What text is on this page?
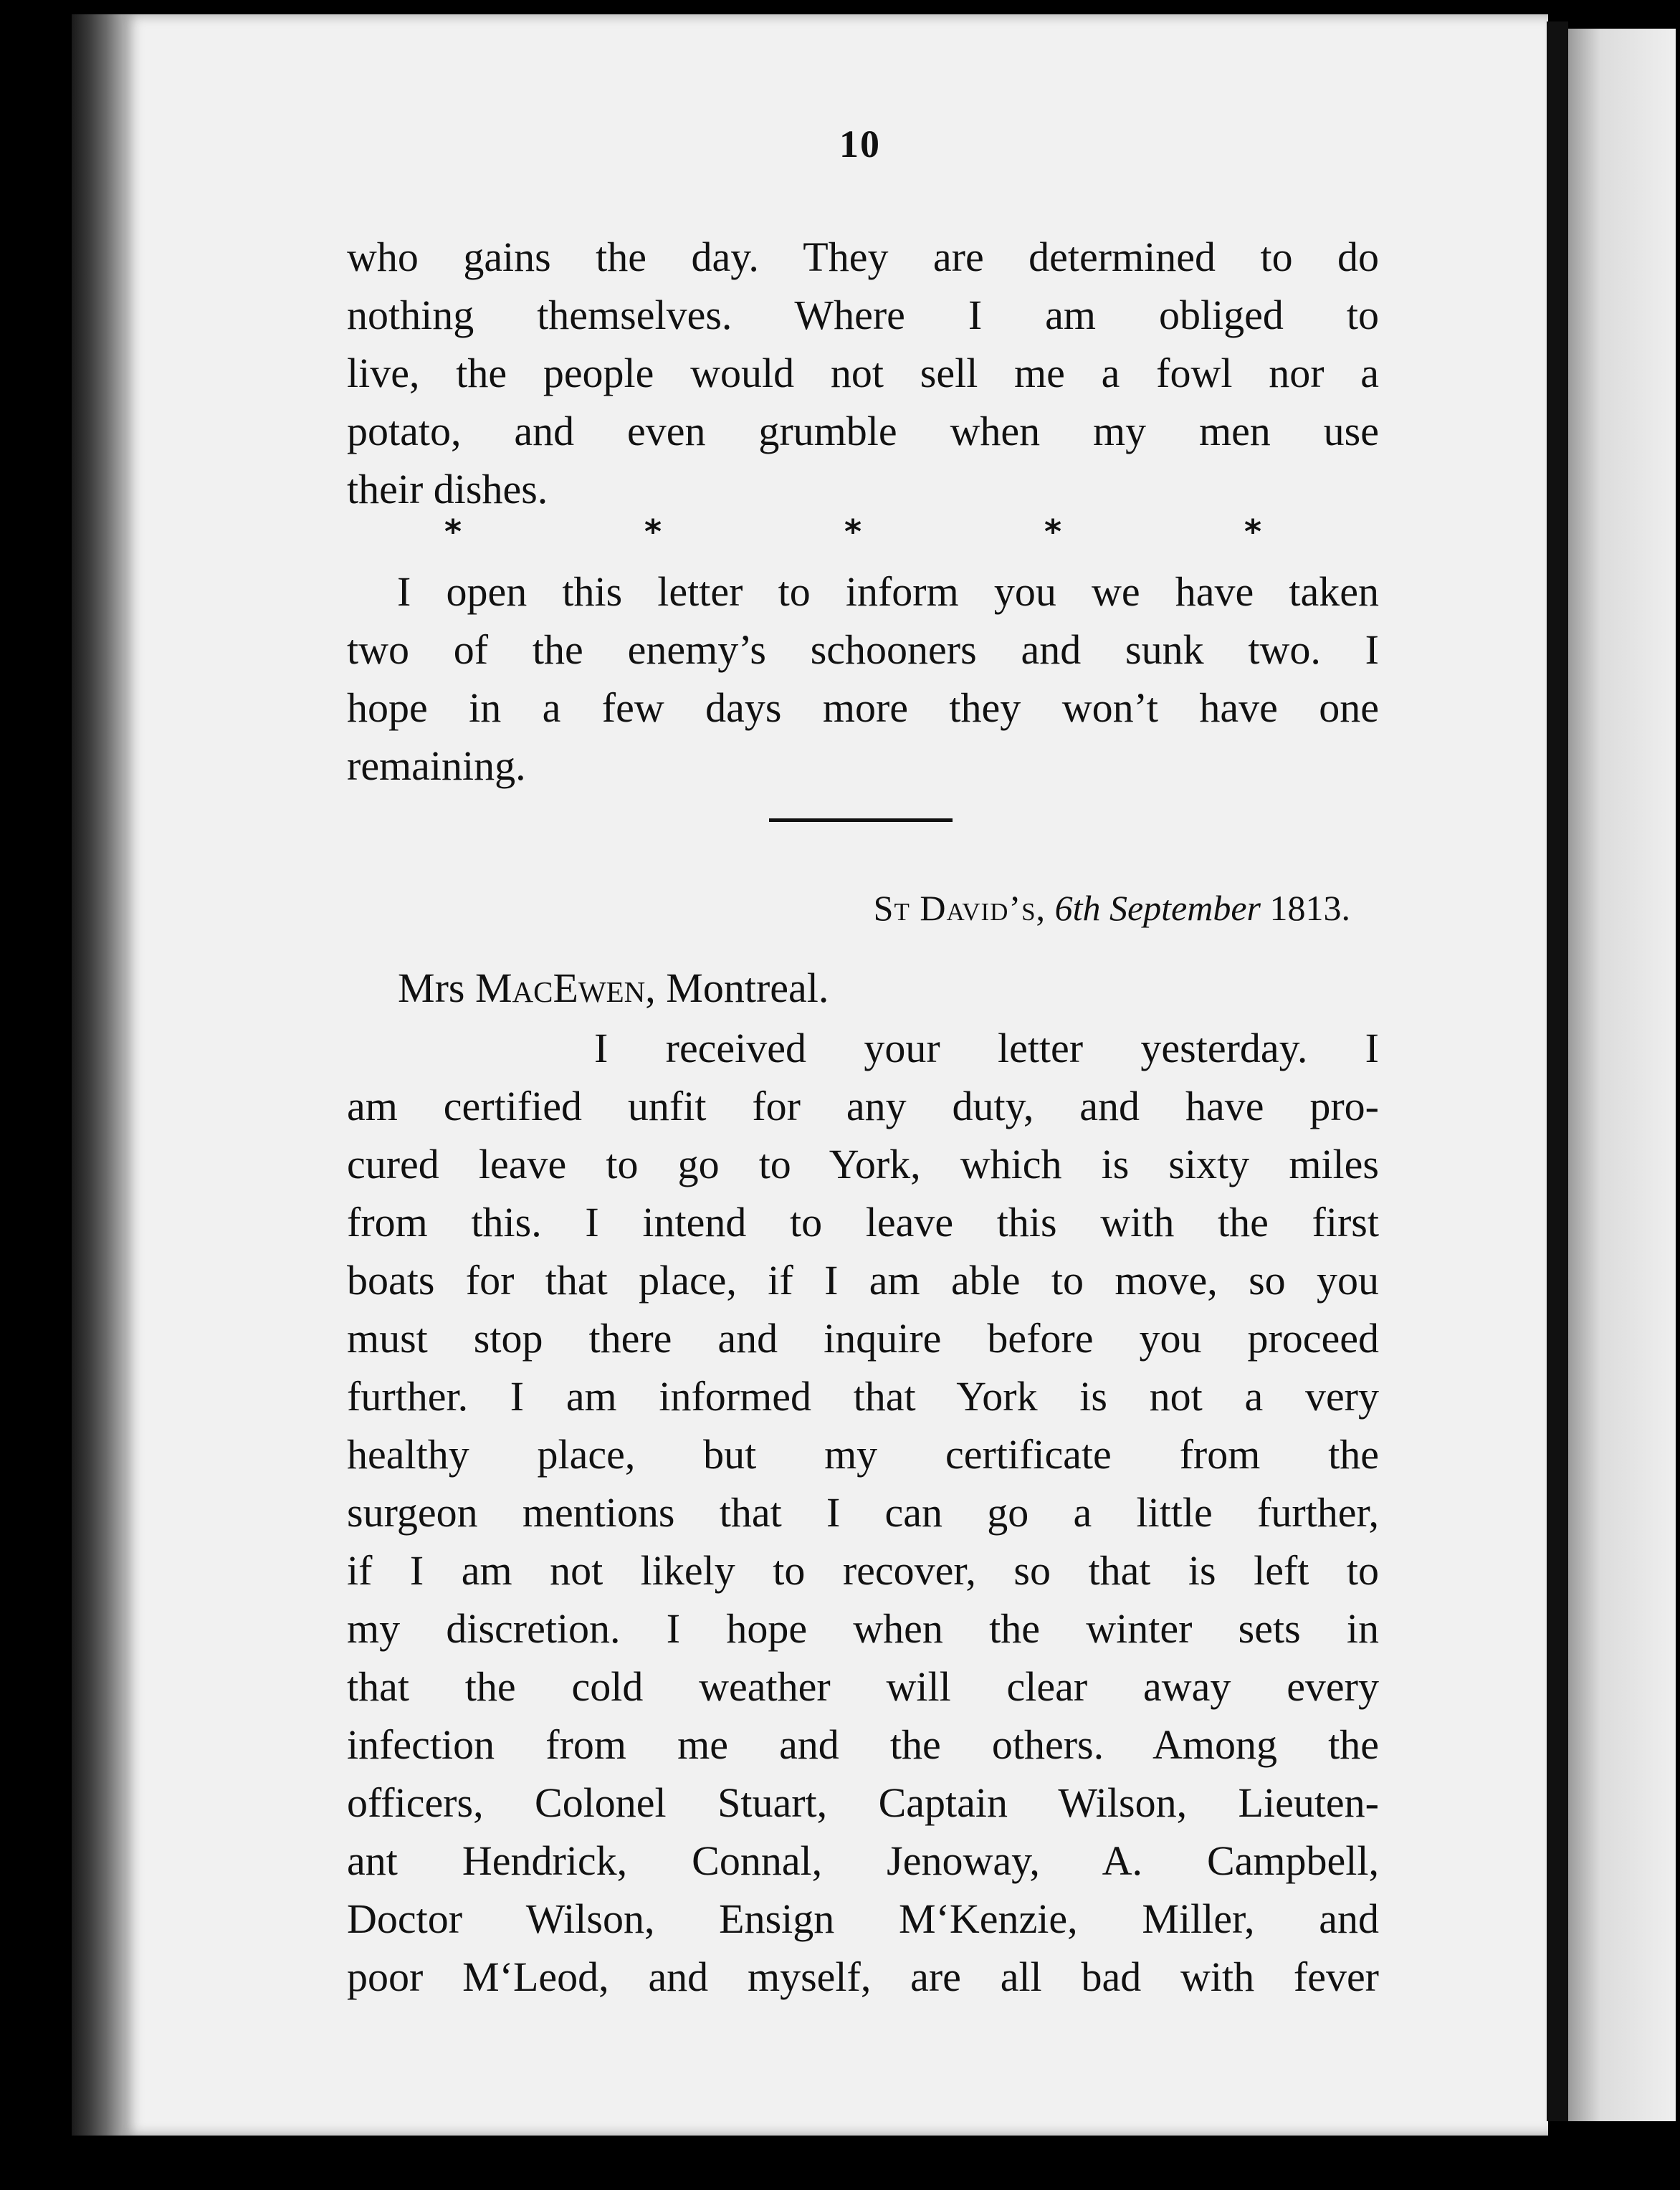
10
who gains the day. They are determined to do
nothing themselves. Where I am obliged to
live, the people would not sell me a fowl nor a
potato, and even grumble when my men use
their dishes.
*	*	*	*	*
I open this letter to inform you we have taken
two of the enemy’s schooners and sunk two. I
hope in a few days more they won’t have one
remaining.
St David’s, 6th September 1813.
Mrs MacEwen, Montreal.
I received your letter yesterday. I
am certified unfit for any duty, and have pro-
cured leave to go to York, which is sixty miles
from this. I intend to leave this with the first
boats for that place, if I am able to move, so you
must stop there and inquire before you proceed
further. I am informed that York is not a very
healthy place, but my certificate from the
surgeon mentions that I can go a little further,
if I am not likely to recover, so that is left to
my discretion. I hope when the winter sets in
that the cold weather will clear away every
infection from me and the others. Among the
officers, Colonel Stuart, Captain Wilson, Lieuten-
ant Hendrick, Connal, Jenoway, A. Campbell,
Doctor Wilson, Ensign M‘Kenzie, Miller, and
poor M‘Leod, and myself, are all bad with fever
